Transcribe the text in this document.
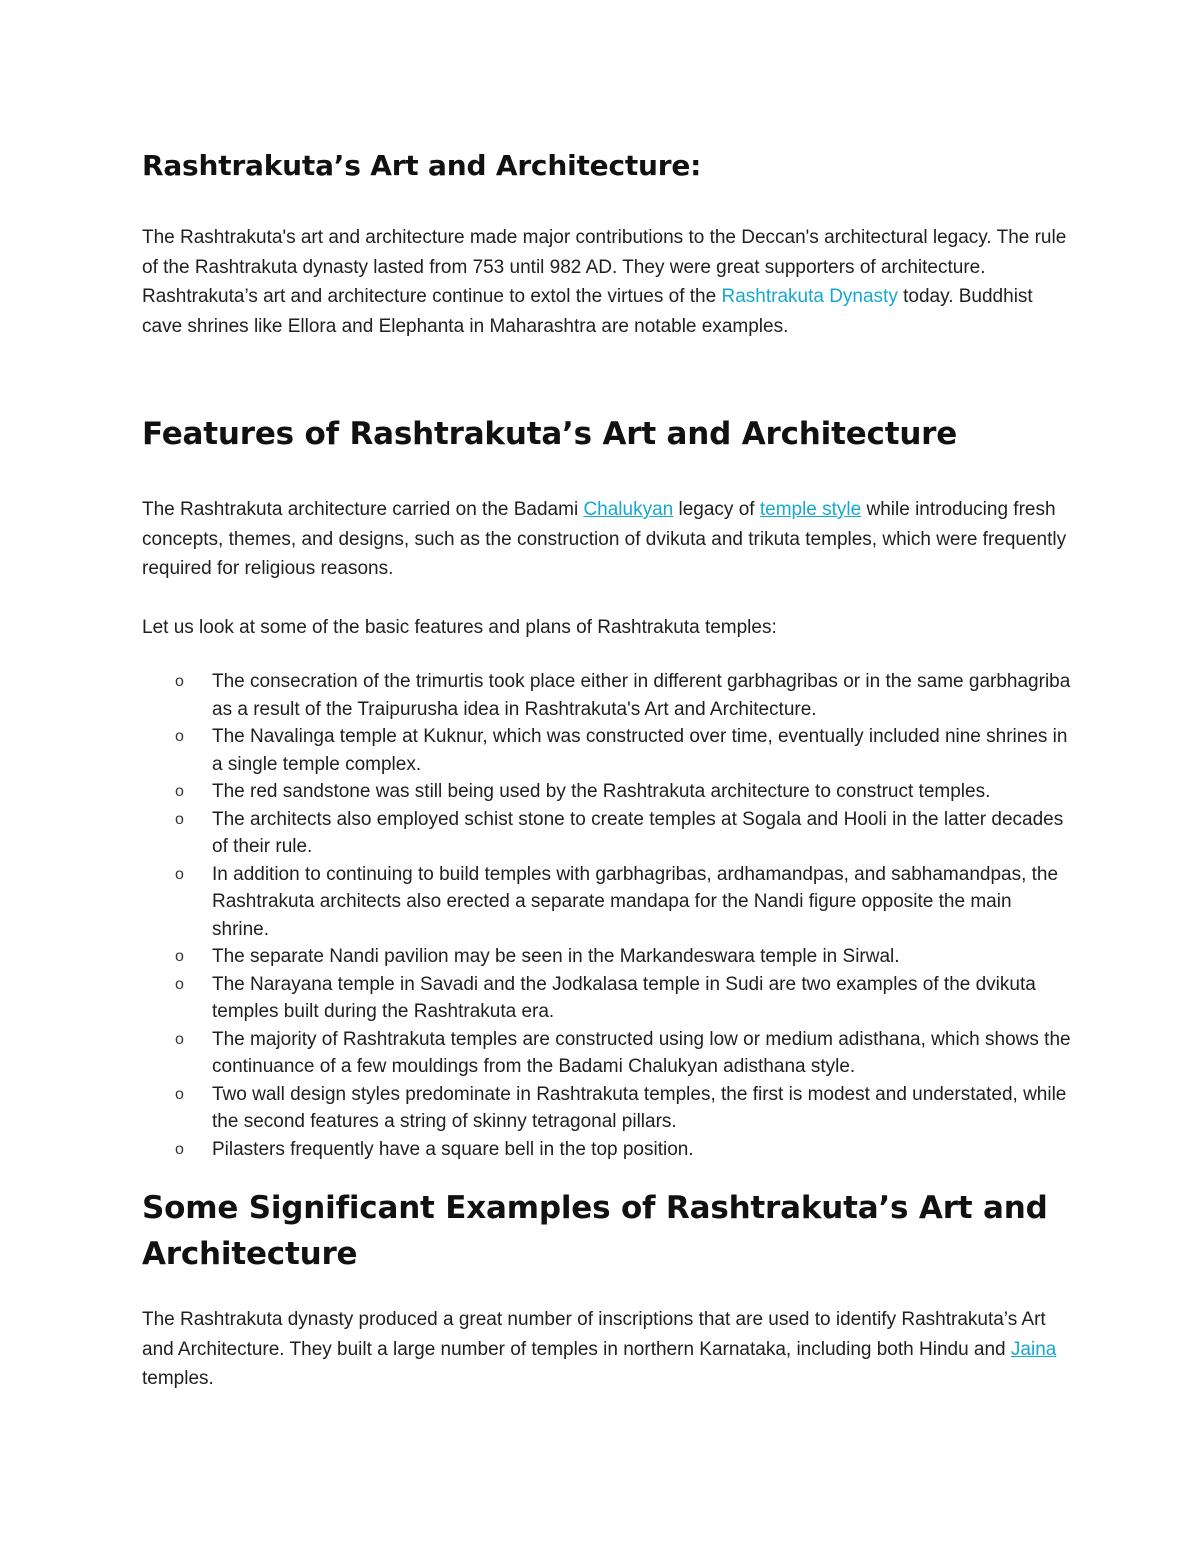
Rashtrakuta’s Art and Architecture:

The Rashtrakuta's art and architecture made major contributions to the Deccan's architectural legacy. The rule of the Rashtrakuta dynasty lasted from 753 until 982 AD. They were great supporters of architecture. Rashtrakuta’s art and architecture continue to extol the virtues of the Rashtrakuta Dynasty today. Buddhist cave shrines like Ellora and Elephanta in Maharashtra are notable examples.

Features of Rashtrakuta’s Art and Architecture

The Rashtrakuta architecture carried on the Badami Chalukyan legacy of temple style while introducing fresh concepts, themes, and designs, such as the construction of dvikuta and trikuta temples, which were frequently required for religious reasons.

Let us look at some of the basic features and plans of Rashtrakuta temples:

o The consecration of the trimurtis took place either in different garbhagribas or in the same garbhagriba as a result of the Traipurusha idea in Rashtrakuta's Art and Architecture.
o The Navalinga temple at Kuknur, which was constructed over time, eventually included nine shrines in a single temple complex.
o The red sandstone was still being used by the Rashtrakuta architecture to construct temples.
o The architects also employed schist stone to create temples at Sogala and Hooli in the latter decades of their rule.
o In addition to continuing to build temples with garbhagribas, ardhamandpas, and sabhamandpas, the Rashtrakuta architects also erected a separate mandapa for the Nandi figure opposite the main shrine.
o The separate Nandi pavilion may be seen in the Markandeswara temple in Sirwal.
o The Narayana temple in Savadi and the Jodkalasa temple in Sudi are two examples of the dvikuta temples built during the Rashtrakuta era.
o The majority of Rashtrakuta temples are constructed using low or medium adisthana, which shows the continuance of a few mouldings from the Badami Chalukyan adisthana style.
o Two wall design styles predominate in Rashtrakuta temples, the first is modest and understated, while the second features a string of skinny tetragonal pillars.
o Pilasters frequently have a square bell in the top position.
Some Significant Examples of Rashtrakuta’s Art and Architecture

The Rashtrakuta dynasty produced a great number of inscriptions that are used to identify Rashtrakuta’s Art and Architecture. They built a large number of temples in northern Karnataka, including both Hindu and Jaina temples.
